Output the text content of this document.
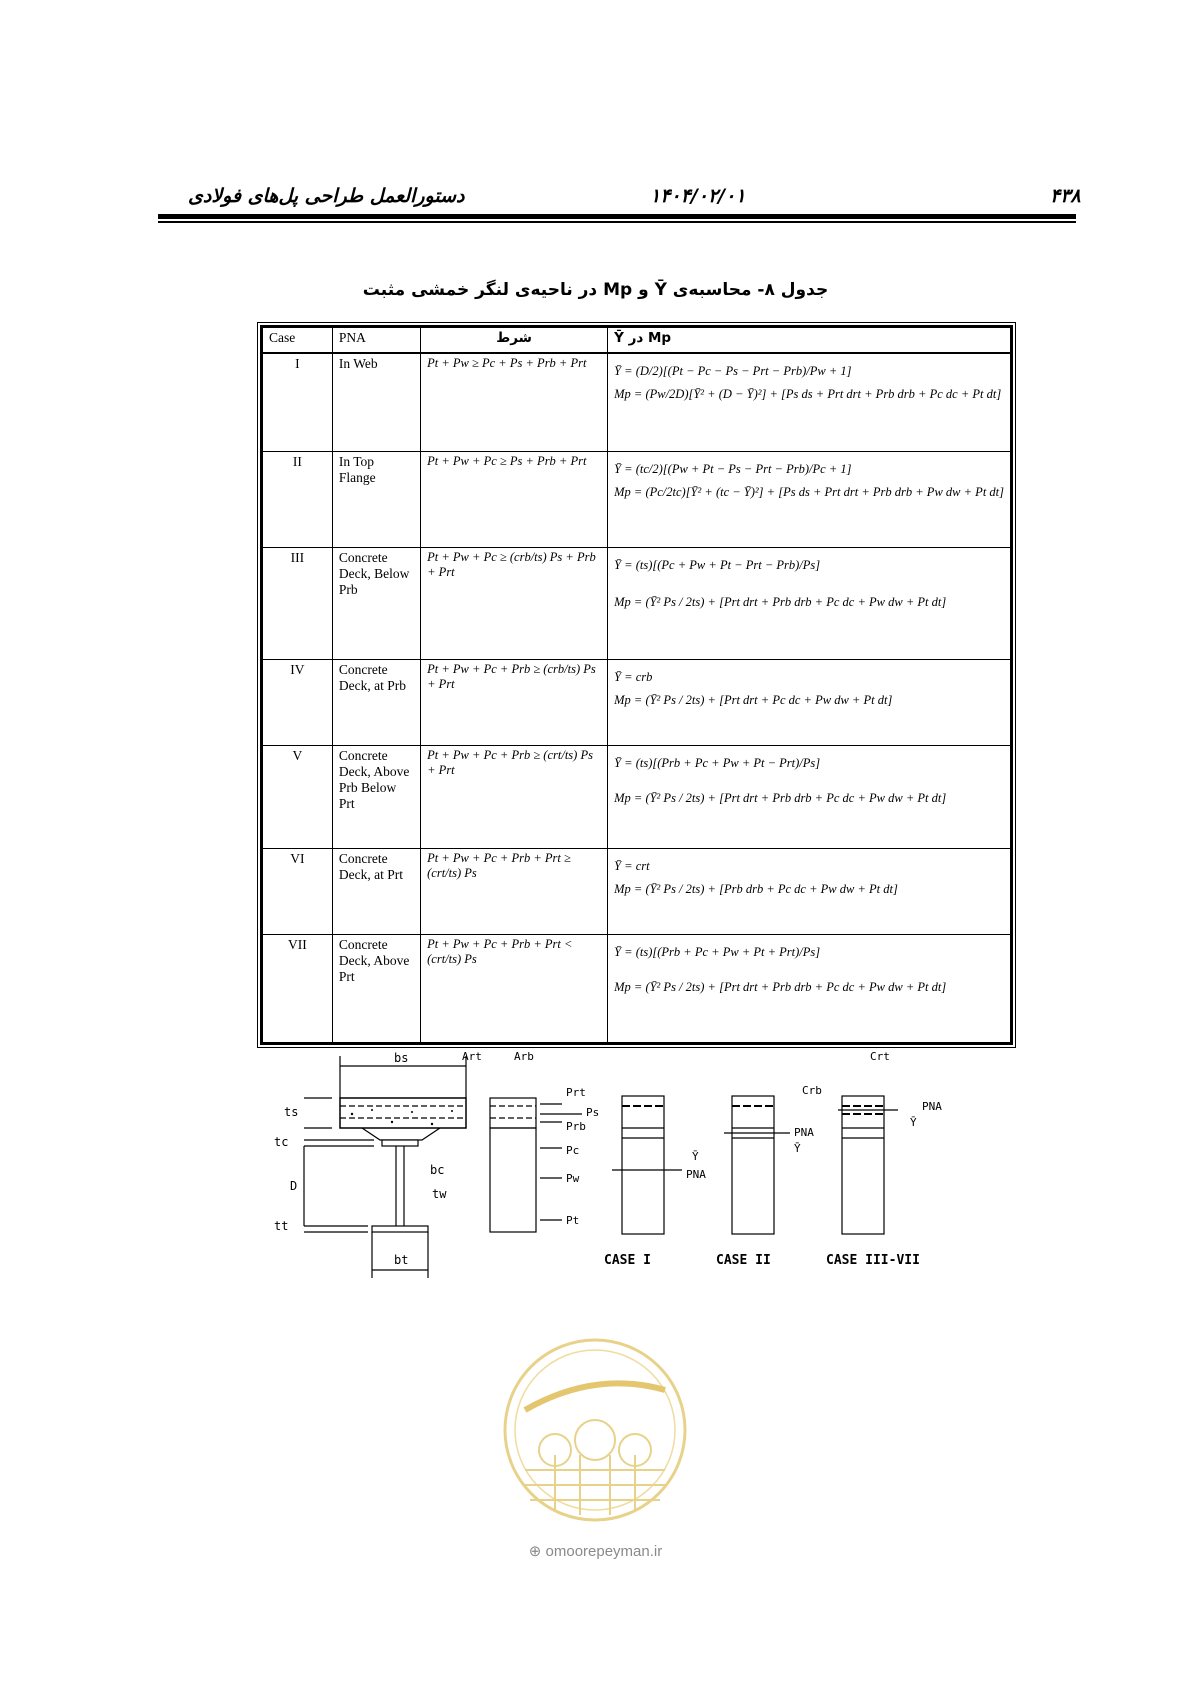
۴۳۸
۱۴۰۴/۰۲/۰۱
دستورالعمل طراحی پل‌های فولادی
جدول ۸- محاسبه‌ی Ȳ و Mp در ناحیه‌ی لنگر خمشی مثبت
Case	PNA	شرط	Ȳ در Mp
I	In Web	Pt + Pw ≥ Pc + Ps + Prb + Prt	Ȳ = (D/2)[(Pt − Pc − Ps − Prt − Prb)/Pw + 1]
Mp = (Pw/2D)[Ȳ² + (D − Ȳ)²] + [Ps ds + Prt drt + Prb drb + Pc dc + Pt dt]

II	In Top Flange	Pt + Pw + Pc ≥ Ps + Prb + Prt	Ȳ = (tc/2)[(Pw + Pt − Ps − Prt − Prb)/Pc + 1]
Mp = (Pc/2tc)[Ȳ² + (tc − Ȳ)²] + [Ps ds + Prt drt + Prb drb + Pw dw + Pt dt]

III	Concrete Deck, Below Prb	Pt + Pw + Pc ≥ (crb/ts) Ps + Prb + Prt	Ȳ = (ts)[(Pc + Pw + Pt − Prt − Prb)/Ps]
Mp = (Ȳ² Ps / 2ts) + [Prt drt + Prb drb + Pc dc + Pw dw + Pt dt]

IV	Concrete Deck, at Prb	Pt + Pw + Pc + Prb ≥ (crb/ts) Ps + Prt	Ȳ = crb
Mp = (Ȳ² Ps / 2ts) + [Prt drt + Pc dc + Pw dw + Pt dt]

V	Concrete Deck, Above Prb Below Prt	Pt + Pw + Pc + Prb ≥ (crt/ts) Ps + Prt	Ȳ = (ts)[(Prb + Pc + Pw + Pt − Prt)/Ps]
Mp = (Ȳ² Ps / 2ts) + [Prt drt + Prb drb + Pc dc + Pw dw + Pt dt]

VI	Concrete Deck, at Prt	Pt + Pw + Pc + Prb + Prt ≥ (crt/ts) Ps	Ȳ = crt
Mp = (Ȳ² Ps / 2ts) + [Prb drb + Pc dc + Pw dw + Pt dt]

VII	Concrete Deck, Above Prt	Pt + Pw + Pc + Prb + Prt < (crt/ts) Ps	Ȳ = (ts)[(Prb + Pc + Pw + Pt + Prt)/Ps]
Mp = (Ȳ² Ps / 2ts) + [Prt drt + Prb drb + Pc dc + Pw dw + Pt dt]
bs
ts
tc
D
tt
bc
tw
bt
Art	Arb
Prt
Ps
Prb
Pc
Pw
Pt
Ȳ
PNA
CASE I
PNA
Ȳ
CASE II
Crt
Crb
PNA
Ȳ
CASE III-VII
⊕ omoorepeyman.ir
